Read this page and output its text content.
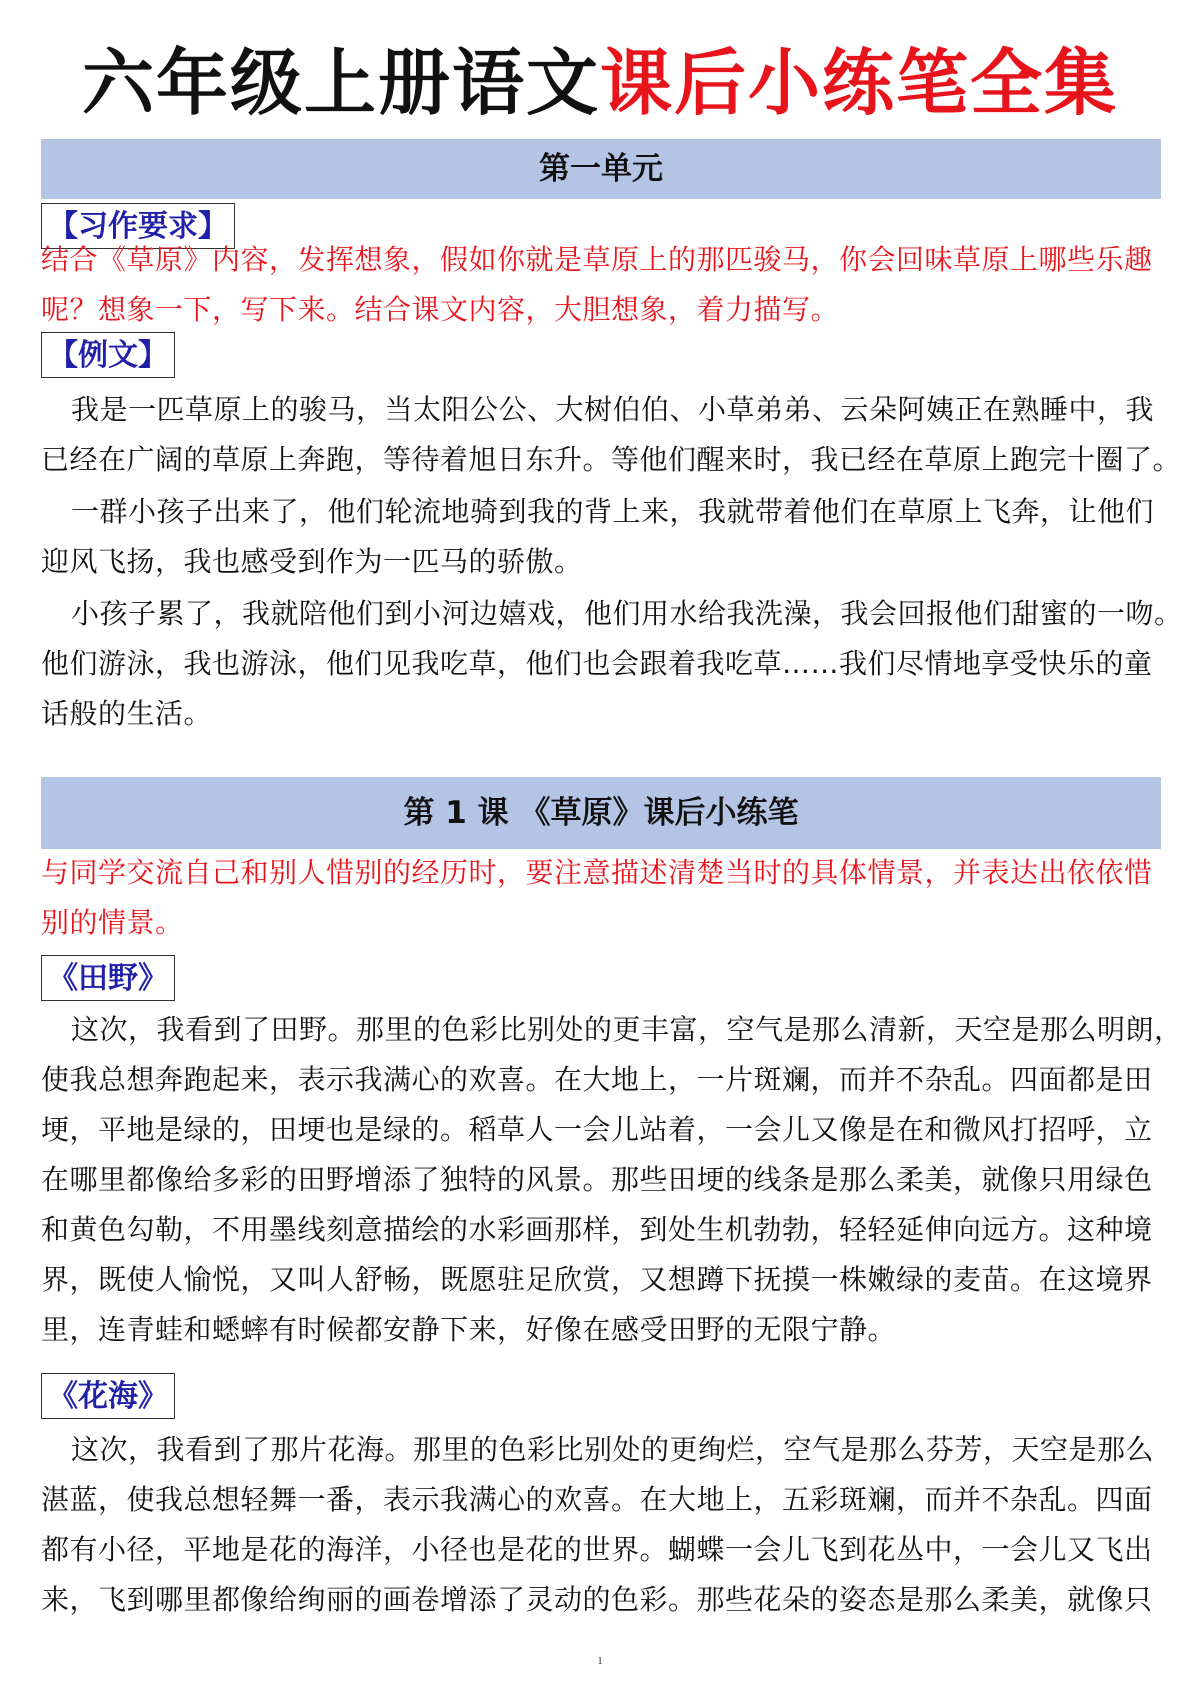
六年级上册语文课后小练笔全集
第一单元
【习作要求】
结合《草原》内容，发挥想象，假如你就是草原上的那匹骏马，你会回味草原上哪些乐趣
呢？想象一下，写下来。结合课文内容，大胆想象，着力描写。
【例文】
我是一匹草原上的骏马，当太阳公公、大树伯伯、小草弟弟、云朵阿姨正在熟睡中，我
已经在广阔的草原上奔跑，等待着旭日东升。等他们醒来时，我已经在草原上跑完十圈了。
一群小孩子出来了，他们轮流地骑到我的背上来，我就带着他们在草原上飞奔，让他们
迎风飞扬，我也感受到作为一匹马的骄傲。
小孩子累了，我就陪他们到小河边嬉戏，他们用水给我洗澡，我会回报他们甜蜜的一吻。
他们游泳，我也游泳，他们见我吃草，他们也会跟着我吃草……我们尽情地享受快乐的童
话般的生活。
第 1 课 《草原》课后小练笔
与同学交流自己和别人惜别的经历时，要注意描述清楚当时的具体情景，并表达出依依惜
别的情景。
《田野》
这次，我看到了田野。那里的色彩比别处的更丰富，空气是那么清新，天空是那么明朗，
使我总想奔跑起来，表示我满心的欢喜。在大地上，一片斑斓，而并不杂乱。四面都是田
埂，平地是绿的，田埂也是绿的。稻草人一会儿站着，一会儿又像是在和微风打招呼，立
在哪里都像给多彩的田野增添了独特的风景。那些田埂的线条是那么柔美，就像只用绿色
和黄色勾勒，不用墨线刻意描绘的水彩画那样，到处生机勃勃，轻轻延伸向远方。这种境
界，既使人愉悦，又叫人舒畅，既愿驻足欣赏，又想蹲下抚摸一株嫩绿的麦苗。在这境界
里，连青蛙和蟋蟀有时候都安静下来，好像在感受田野的无限宁静。
《花海》
这次，我看到了那片花海。那里的色彩比别处的更绚烂，空气是那么芬芳，天空是那么
湛蓝，使我总想轻舞一番，表示我满心的欢喜。在大地上，五彩斑斓，而并不杂乱。四面
都有小径，平地是花的海洋，小径也是花的世界。蝴蝶一会儿飞到花丛中，一会儿又飞出
来，飞到哪里都像给绚丽的画卷增添了灵动的色彩。那些花朵的姿态是那么柔美，就像只
1
